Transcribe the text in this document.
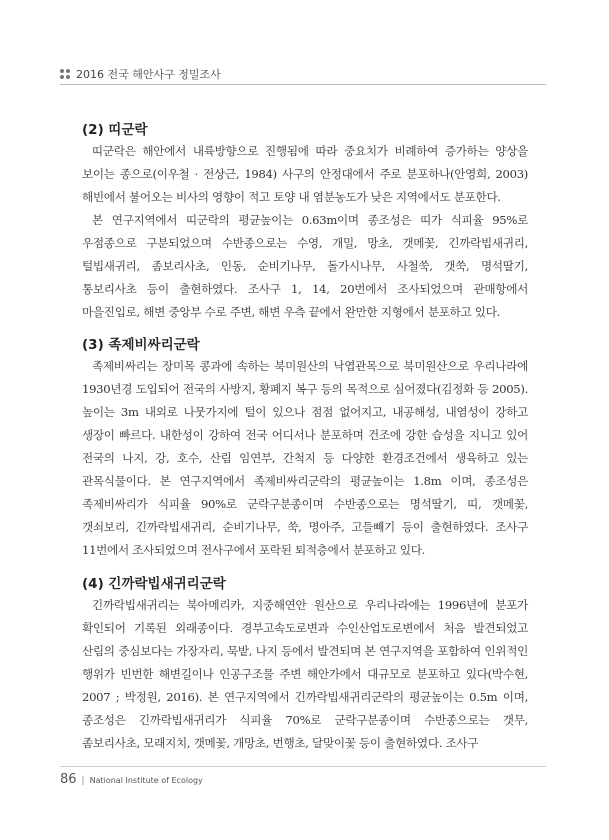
2016 전국 해안사구 정밀조사
(2) 띠군락

띠군락은 해안에서 내륙방향으로 진행됨에 따라 중요치가 비례하여 증가하는 양상을 보이는 종으로(이우철 · 전상근, 1984) 사구의 안정대에서 주로 분포하나(안영희, 2003) 해빈에서 불어오는 비사의 영향이 적고 토양 내 염분농도가 낮은 지역에서도 분포한다.

본 연구지역에서 띠군락의 평균높이는 0.63m이며 종조성은 띠가 식피율 95%로 우점종으로 구분되었으며 수반종으로는 수영, 개밀, 망초, 갯메꽃, 긴까락빕새귀리, 털빕새귀리, 좀보리사초, 인동, 순비기나무, 돌가시나무, 사철쑥, 갯쑥, 명석딸기, 통보리사초 등이 출현하였다. 조사구 1, 14, 20번에서 조사되었으며 관매항에서 마을진입로, 해변 중앙부 수로 주변, 해변 우측 끝에서 완만한 지형에서 분포하고 있다.

(3) 족제비싸리군락

족제비싸리는 장미목 콩과에 속하는 북미원산의 낙엽관목으로 북미원산으로 우리나라에 1930년경 도입되어 전국의 사방지, 황폐지 복구 등의 목적으로 심어졌다(김정화 등 2005). 높이는 3m 내외로 나뭇가지에 털이 있으나 점점 없어지고, 내공해성, 내염성이 강하고 생장이 빠르다. 내한성이 강하여 전국 어디서나 분포하며 건조에 강한 습성을 지니고 있어 전국의 나지, 강, 호수, 산림 임연부, 간척지 등 다양한 환경조건에서 생육하고 있는 관목식물이다. 본 연구지역에서 족제비싸리군락의 평균높이는 1.8m 이며, 종조성은 족제비싸리가 식피율 90%로 군락구분종이며 수반종으로는 명석딸기, 띠, 갯메꽃, 갯쇠보리, 긴까락빕새귀리, 순비기나무, 쑥, 명아주, 고들빼기 등이 출현하였다. 조사구 11번에서 조사되었으며 전사구에서 포락된 퇴적층에서 분포하고 있다.

(4) 긴까락빕새귀리군락

긴까락빕새귀리는 북아메리카, 지중해연안 원산으로 우리나라에는 1996년에 분포가 확인되어 기록된 외래종이다. 경부고속도로변과 수인산업도로변에서 처음 발견되었고 산림의 중심보다는 가장자리, 묵밭, 나지 등에서 발견되며 본 연구지역을 포함하여 인위적인 행위가 빈번한 해변길이나 인공구조물 주변 해안가에서 대규모로 분포하고 있다(박수현, 2007 ; 박정원, 2016). 본 연구지역에서 긴까락빕새귀리군락의 평균높이는 0.5m 이며, 종조성은 긴까락빕새귀리가 식피율 70%로 군락구분종이며 수반종으로는 갯무, 좀보리사초, 모래지치, 갯메꽃, 개망초, 번행초, 달맞이꽃 등이 출현하였다. 조사구

86 | National Institute of Ecology
